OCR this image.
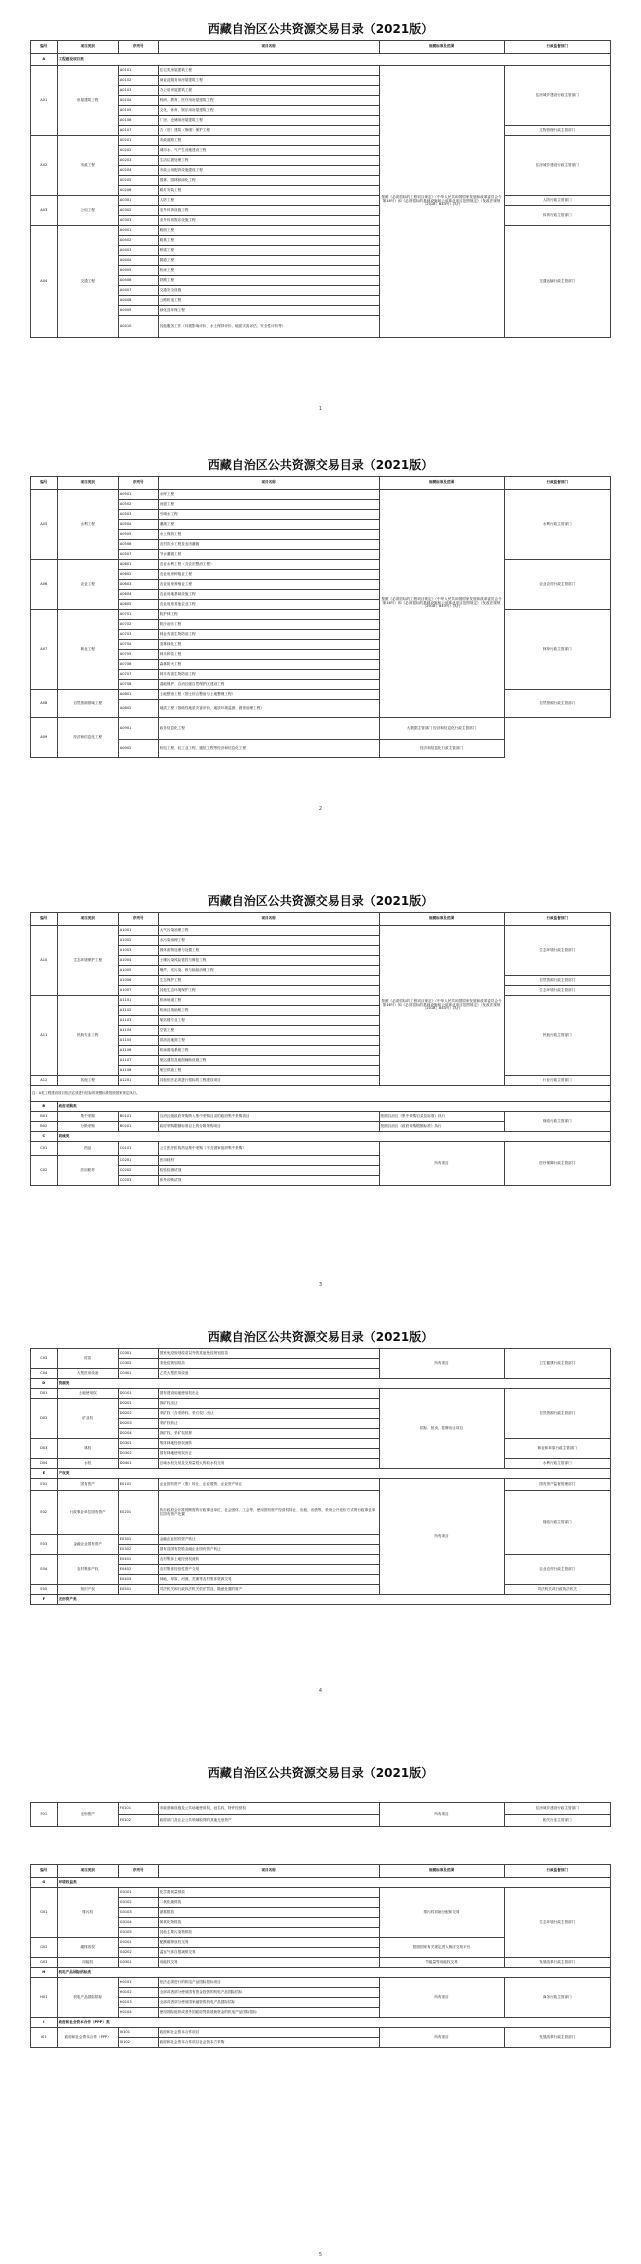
西藏自治区公共资源交易目录（2021版）
编号	项目类别	序列号	项目名称	规模标准及范围	行政监督部门
A	工程建设项目类				
A01	房屋建筑工程	A0101	住宅类房屋建筑工程	按照《必须招标的工程项目规定》（中华人民共和国国家发展和改革委员会令第16号）和《必须招标的基础设施和公用事业项目范围规定》（发改法规规〔2018〕843号）执行	住房城乡建设行政主管部门
		A0102	商业及服务用房屋建筑工程		
		A0103	办公用房屋建筑工程		
		A0104	科研、教育、医疗用房屋建筑工程		
		A0105	文化、体育、娱乐用房屋建筑工程		
		A0106	厂房、仓储用房屋建筑工程		
		A0107	古（旧）建筑（修缮）保护工程		文物管理行政主管部门
A02	市政工程	A0201	市政道路工程		住房城乡建设行政主管部门
		A0202	城市水、气产生设施建设工程		
		A0203	生活垃圾处理工程		
		A0204	市政公用配套设施建设工程		
		A0205	园林、园林和绿化工程		
		A0206	路灯安装工程		
A03	公用工程	A0301	人防工程		人防行政主管部门
		A0302	室外体育设施工程		体育行政主管部门
		A0303	室外体育娱乐设施工程		
A04	交通工程	A0401	路面工程		交通运输行政主管部门
		A0402	路基工程		
		A0403	桥梁工程		
		A0404	隧道工程		
		A0405	机场工程		
		A0406	铁路工程		
		A0407	交通安全设施		
		A0408	公路机电工程		
		A0409	绿化及环保工程		
		A0410	其他服务工作（环境影响评价、水土保持评价、地质灾害评估、安全性评价等）		
1
西藏自治区公共资源交易目录（2021版）
编号	项目类别	序列号	项目名称	规模标准及范围	行政监督部门
A05	水利工程	A0501	水库工程	按照《必须招标的工程项目规定》（中华人民共和国国家发展和改革委员会令第16号）和《必须招标的基础设施和公用事业项目范围规定》（发改法规规〔2018〕843号）执行	水利行政主管部门
		A0502	河道工程		
		A0503	引调水工程		
		A0504	灌溉工程		
		A0505	水土保持工程		
		A0506	农村饮水工程及农田灌溉		
		A0507	节水灌溉工程		
A06	农业工程	A0601	农业水利工程（含农田整治工程）		农业农村行政主管部门
		A0602	农业用房种植业工程		
		A0603	农业用房养殖业工程		
		A0604	农业用地基础设施工程		
		A0605	农业用房其他农业工程		
A07	林业工程	A0701	防护林工程		林草行政主管部门
		A0702	防沙治沙工程		
		A0703	林业有害生物防治工程		
		A0704	造林绿化工程		
		A0705	林木种苗工程		
		A0706	森林防火工程		
		A0707	林木有害生物防治工程		
		A0708	湿地保护、自治区级自然保护区建设工程		
A08	自然资源领域工程	A0801	土地整治工程（国土综合整治与土地整理工程）		自然资源行政主管部门
		A0802	地质工程（基础性地质灾害评价、地质环境监测、勘查治理工程）		
A09	经济和信息化工程	A0901	政务信息化工程	大数据主管部门 经济和信息化行政主管部门	
		A0902	机电工程、轻工业工程、通信工程等经济和信息化工程	经济和信息化行政主管部门	
2
西藏自治区公共资源交易目录（2021版）
编号	项目类别	序列号	项目名称	规模标准及范围	行政监督部门
A10	生态环境保护工程	A1001	大气污染治理工程	按照《必须招标的工程项目规定》（中华人民共和国国家发展和改革委员会令第16号）和《必须招标的基础设施和公用事业项目范围规定》（发改法规规〔2018〕843号）执行	生态环境行政主管部门
		A1002	水污染治理工程		
		A1003	固体废物处理与处置工程		
		A1004	土壤污染风险管控与修复工程		
		A1005	噪声、光污染、核与辐射治理工程		
		A1006	生态保护工程		自然资源行政主管部门
		A1007	其他生态环境保护工程		生态环境行政主管部门
A11	民航专业工程	A1101	机场场道工程		民航行政主管部门
		A1102	机场目视助航工程		
		A1103	航站楼专业工程		
		A1104	空管工程		
		A1105	供油及地面工程		
		A1106	机场弱电系统工程		
		A1107	航运通信及地面辅助设施工程		
		A1108	航空供油工程		
A12	其他工程	A1201	其他依法必须进行招标的工程建设项目		行业行政主管部门
注：A类工程建设项目依法必须进行招标的规模标准按照国家规定执行。					
B	政府采购类				
B01	集中采购	B0101	自治区级政府采购纳入集中采购目录的政府集中采购项目	按照自治区《集中采购目录及标准》执行	财政行政主管部门
B02	分散采购	B0201	政府采购限额标准以上的分散采购项目	按照自治区《政府采购限额标准》执行	
C	药械类				
C01	药品	C0101	公立医疗机构药品集中采购（不含国家组织集中采购）	所有项目	医疗保障行政主管部门
C02	医用耗材	C0201	医用耗材		
		C0202	检验检测试剂		
		C0203	体外诊断试剂		
3
西藏自治区公共资源交易目录（2021版）
C03	疫苗	C0301	国家免疫规划疫苗以外的其他免疫规划疫苗	所有项目	卫生健康行政主管部门
		C0302	非免疫规划疫苗		
C04	大型医用设备	C0401	乙类大型医用设备		
D	资源类				
D01	土地使用权	D0101	国有建设用地使用权出让	招标、拍卖、挂牌出让项目	自然资源行政主管部门
D02	矿业权	D0201	探矿权出让		
		D0202	采矿权（含采砂权、采石权）出让		
		D0203	采矿权转让		
		D0204	探矿权、采矿权抵押		
D03	林权	D0301	集体林地经营权流转		林业和草原行政主管部门
		D0302	国有林地使用权出让		
D04	水权	D0401	区域水权交易及交易量较大的取水权交易		水利行政主管部门
E	产权类				
E01	国有资产	E0101	企业国有资产（股）转让、企业增资、企业资产转让	所有项目	国有资产监督管理部门
E02	行政事业单位国有资产	E0201	执行政府会计准则制度的行政事业单位、社会团体、工会等，使用国有资产经营权转让、出租、出借等，采用公开竞价方式的行政事业单位国有资产处置		财政行政主管部门
E03	金融企业国有资产	E0301	金融企业国有资产转让		
		E0302	国有及国有控股金融企业国有资产转让		
E04	农村集体产权	E0401	农村集体土地经营权流转		农业农村行政主管部门
		E0402	农村集体经营性资产交易		
		E0403	林地、草原、河流、荒滩等农村集体资源交易		
E05	知识产权	E0501	司法机关和行政执法机关依法罚没、随意处置的财产		司法机关或行政执法机关
F	无形资产类				
4
西藏自治区公共资源交易目录（2021版）
F01	无形资产	F0101	市政基础设施及公共场地使用权、冠名权、特许经营权	所有项目	住房城乡建设行政主管部门
		F0102	政府部门及社会公共领域取得的其他无形资产		相关行业主管部门
编号	项目类别	序列号	项目名称	规模标准及范围	行政监督部门
G	环境权益类				
G01	排污权	G0101	化学需氧量排放	排污权初始分配和交易	生态环境行政主管部门
		G0102	二氧化硫排放		
		G0103	氨氮排放		
		G0104	氮氧化物排放		
		G0105	其他主要污染物排放		
G02	碳排放权	G0201	配额碳排放权交易	按照国家有关规定进入相应交易平台	
		G0202	温室气体自愿减排交易		
G03	用能权	G0301	用能权交易	节能量等用能权交易	发展改革行政主管部门
H	机电产品国际招标类				
H01	机电产品国际招标	H0101	依法必须进行的机电产品国际招标项目	所有项目	商务行政主管部门
		H0102	全部或者部分使用国有资金投资的机电产品国际招标		
		H0103	全部或者部分使用国家融资的机电产品国际招标		
		H0104	使用国际组织或者外国政府贷款援助资金的机电产品国际招标		
I	政府和社会资本合作（PPP）类				
I01	政府和社会资本合作（PPP）	I0101	政府和社会资本合作项目	所有项目	发展改革行政主管部门
		I0102	政府和社会资本合作项目社会资本方采购		
5
